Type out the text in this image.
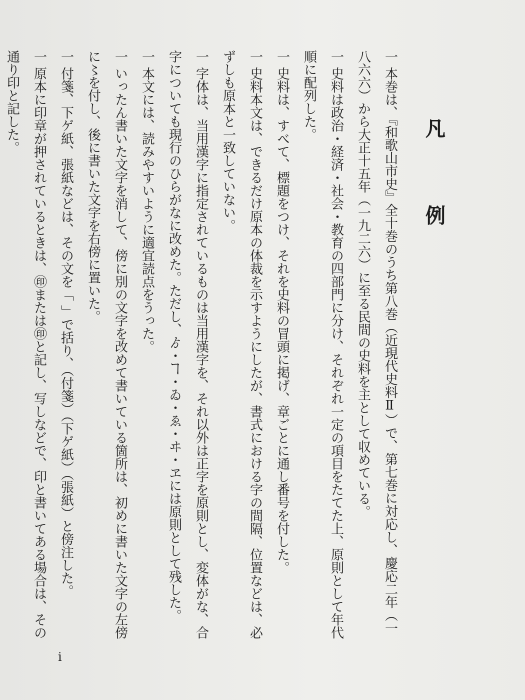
凡 例
一本巻は、『和歌山市史』全十巻のうち第八巻（近現代史料Ⅱ）で、第七巻に対応し、慶応二年（一八六六）から大正十五年（一九二六）に至る民間の史料を主として収めている。
一史料は政治・経済・社会・教育の四部門に分け、それぞれ一定の項目をたてた上、原則として年代順に配列した。
一史料は、すべて、標題をつけ、それを史料の冒頭に掲げ、章ごとに通し番号を付した。
一史料本文は、できるだけ原本の体裁を示すようにしたが、書式における字の間隔、位置などは、必ずしも原本と一致していない。
一字体は、当用漢字に指定されているものは当用漢字を、それ以外は正字を原則とし、変体がな、合字についても現行のひらがなに改めた。ただし、ゟ・ヿ・ゐ・ゑ・ヰ・ヱには原則として残した。
一本文には、読みやすいように適宜読点をうった。
一いったん書いた文字を消して、傍に別の文字を改めて書いている箇所は、初めに書いた文字の左傍に〻を付し、後に書いた文字を右傍に置いた。
一付箋、下ゲ紙、張紙などは、その文を「 」で括り、（付箋）（下ゲ紙）（張紙）と傍注した。
一原本に印章が押されているときは、㊞または㊞と記し、写しなどで、印と書いてある場合は、その通り印と記した。
i
